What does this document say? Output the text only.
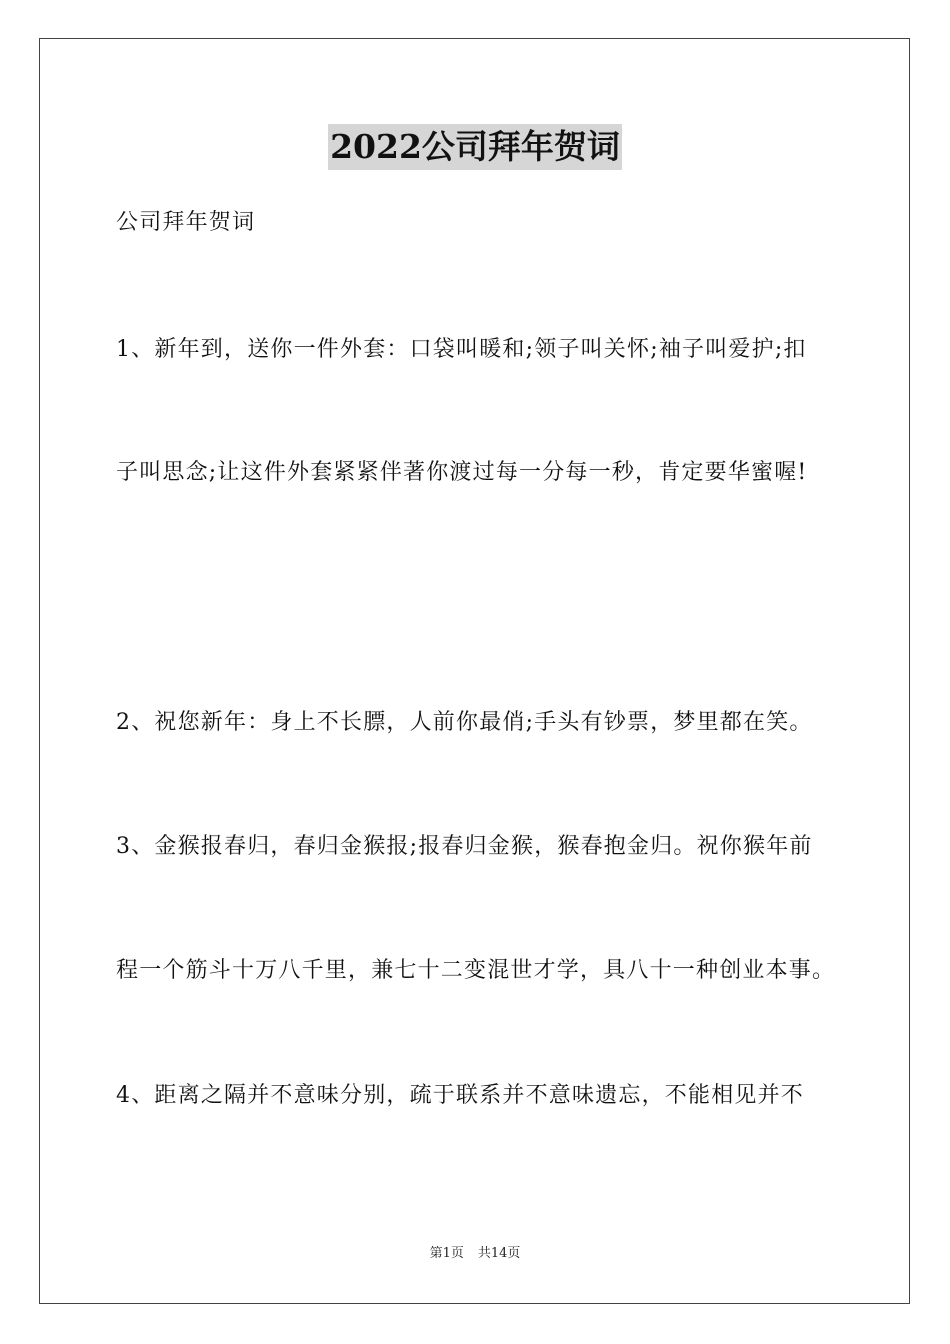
2022公司拜年贺词
公司拜年贺词
1、新年到，送你一件外套：口袋叫暖和;领子叫关怀;袖子叫爱护;扣
子叫思念;让这件外套紧紧伴著你渡过每一分每一秒，肯定要华蜜喔!
2、祝您新年：身上不长膘，人前你最俏;手头有钞票，梦里都在笑。
3、金猴报春归，春归金猴报;报春归金猴，猴春抱金归。祝你猴年前
程一个筋斗十万八千里，兼七十二变混世才学，具八十一种创业本事。
4、距离之隔并不意味分别，疏于联系并不意味遗忘，不能相见并不
第1页 共14页
